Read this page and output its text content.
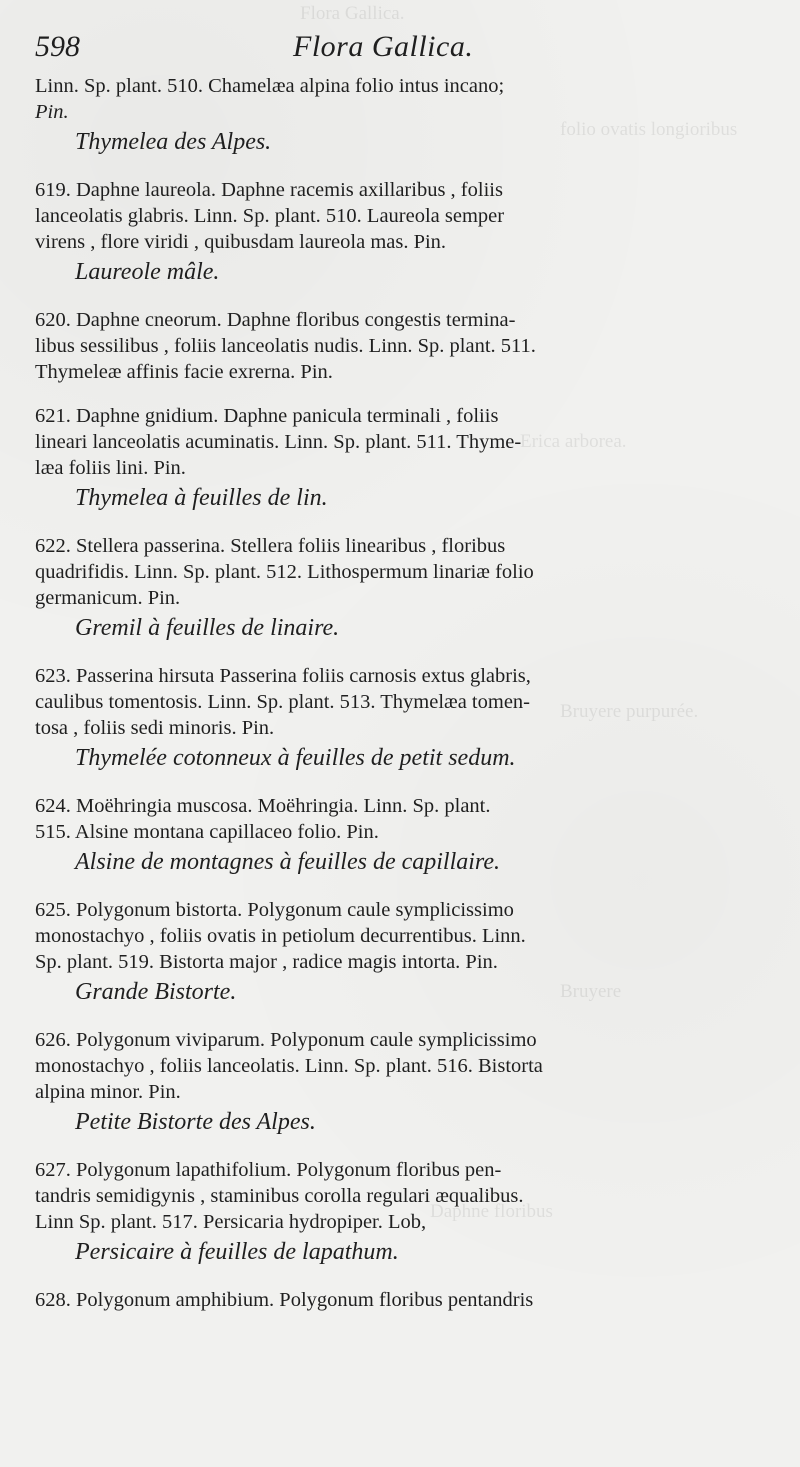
Flora Gallica.
folio ovatis longioribus
Erica arborea.
Bruyere purpurée.
Bruyere
Daphne floribus
598	Flora Gallica.
Linn. Sp. plant. 510. Chamelæa alpina folio intus incano;
Pin.
Thymelea des Alpes.
619. Daphne laureola. Daphne racemis axillaribus , foliis
lanceolatis glabris. Linn. Sp. plant. 510. Laureola semper
virens , flore viridi , quibusdam laureola mas. Pin.
Laureole mâle.
620. Daphne cneorum. Daphne floribus congestis termina-
libus sessilibus , foliis lanceolatis nudis. Linn. Sp. plant. 511.
Thymeleæ affinis facie exrerna. Pin.
621. Daphne gnidium. Daphne panicula terminali , foliis
lineari lanceolatis acuminatis. Linn. Sp. plant. 511. Thyme-
læa foliis lini. Pin.
Thymelea à feuilles de lin.
622. Stellera passerina. Stellera foliis linearibus , floribus
quadrifidis. Linn. Sp. plant. 512. Lithospermum linariæ folio
germanicum. Pin.
Gremil à feuilles de linaire.
623. Passerina hirsuta Passerina foliis carnosis extus glabris,
caulibus tomentosis. Linn. Sp. plant. 513. Thymelæa tomen-
tosa , foliis sedi minoris. Pin.
Thymelée cotonneux à feuilles de petit sedum.
624. Moëhringia muscosa. Moëhringia. Linn. Sp. plant.
515. Alsine montana capillaceo folio. Pin.
Alsine de montagnes à feuilles de capillaire.
625. Polygonum bistorta. Polygonum caule symplicissimo
monostachyo , foliis ovatis in petiolum decurrentibus. Linn.
Sp. plant. 519. Bistorta major , radice magis intorta. Pin.
Grande Bistorte.
626. Polygonum viviparum. Polyponum caule symplicissimo
monostachyo , foliis lanceolatis. Linn. Sp. plant. 516. Bistorta
alpina minor. Pin.
Petite Bistorte des Alpes.
627. Polygonum lapathifolium. Polygonum floribus pen-
tandris semidigynis , staminibus corolla regulari æqualibus.
Linn Sp. plant. 517. Persicaria hydropiper. Lob,
Persicaire à feuilles de lapathum.
628. Polygonum amphibium. Polygonum floribus pentandris
